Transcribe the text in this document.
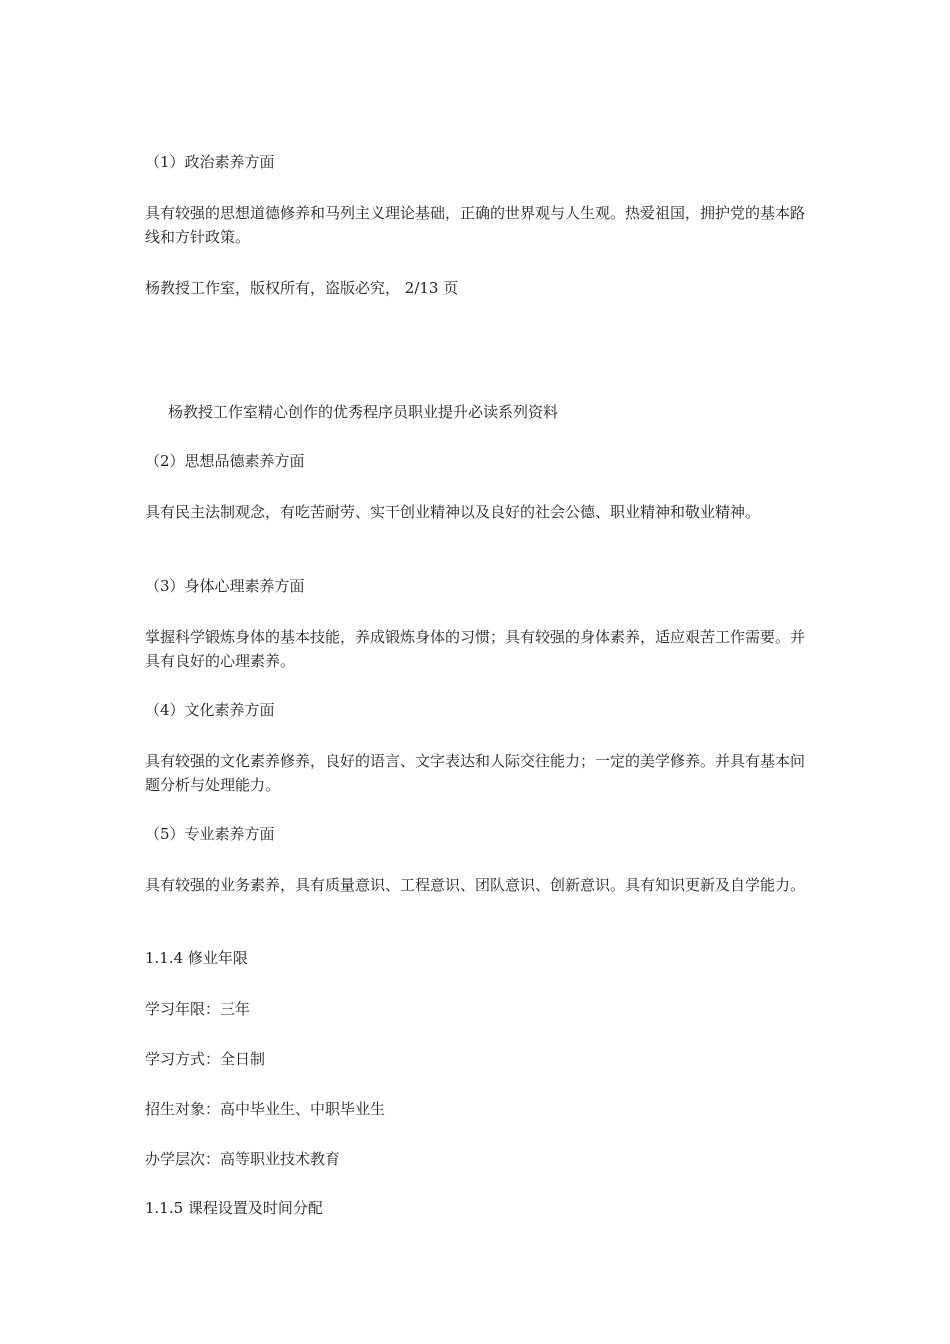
（1）政治素养方面
具有较强的思想道德修养和马列主义理论基础，正确的世界观与人生观。热爱祖国，拥护党的基本路线和方针政策。
杨教授工作室，版权所有，盗版必究， 2/13 页
杨教授工作室精心创作的优秀程序员职业提升必读系列资料
（2）思想品德素养方面
具有民主法制观念，有吃苦耐劳、实干创业精神以及良好的社会公德、职业精神和敬业精神。
（3）身体心理素养方面
掌握科学锻炼身体的基本技能，养成锻炼身体的习惯；具有较强的身体素养，适应艰苦工作需要。并具有良好的心理素养。
（4）文化素养方面
具有较强的文化素养修养，良好的语言、文字表达和人际交往能力；一定的美学修养。并具有基本问题分析与处理能力。
（5）专业素养方面
具有较强的业务素养，具有质量意识、工程意识、团队意识、创新意识。具有知识更新及自学能力。
1.1.4 修业年限
学习年限：三年
学习方式：全日制
招生对象：高中毕业生、中职毕业生
办学层次：高等职业技术教育
1.1.5 课程设置及时间分配
